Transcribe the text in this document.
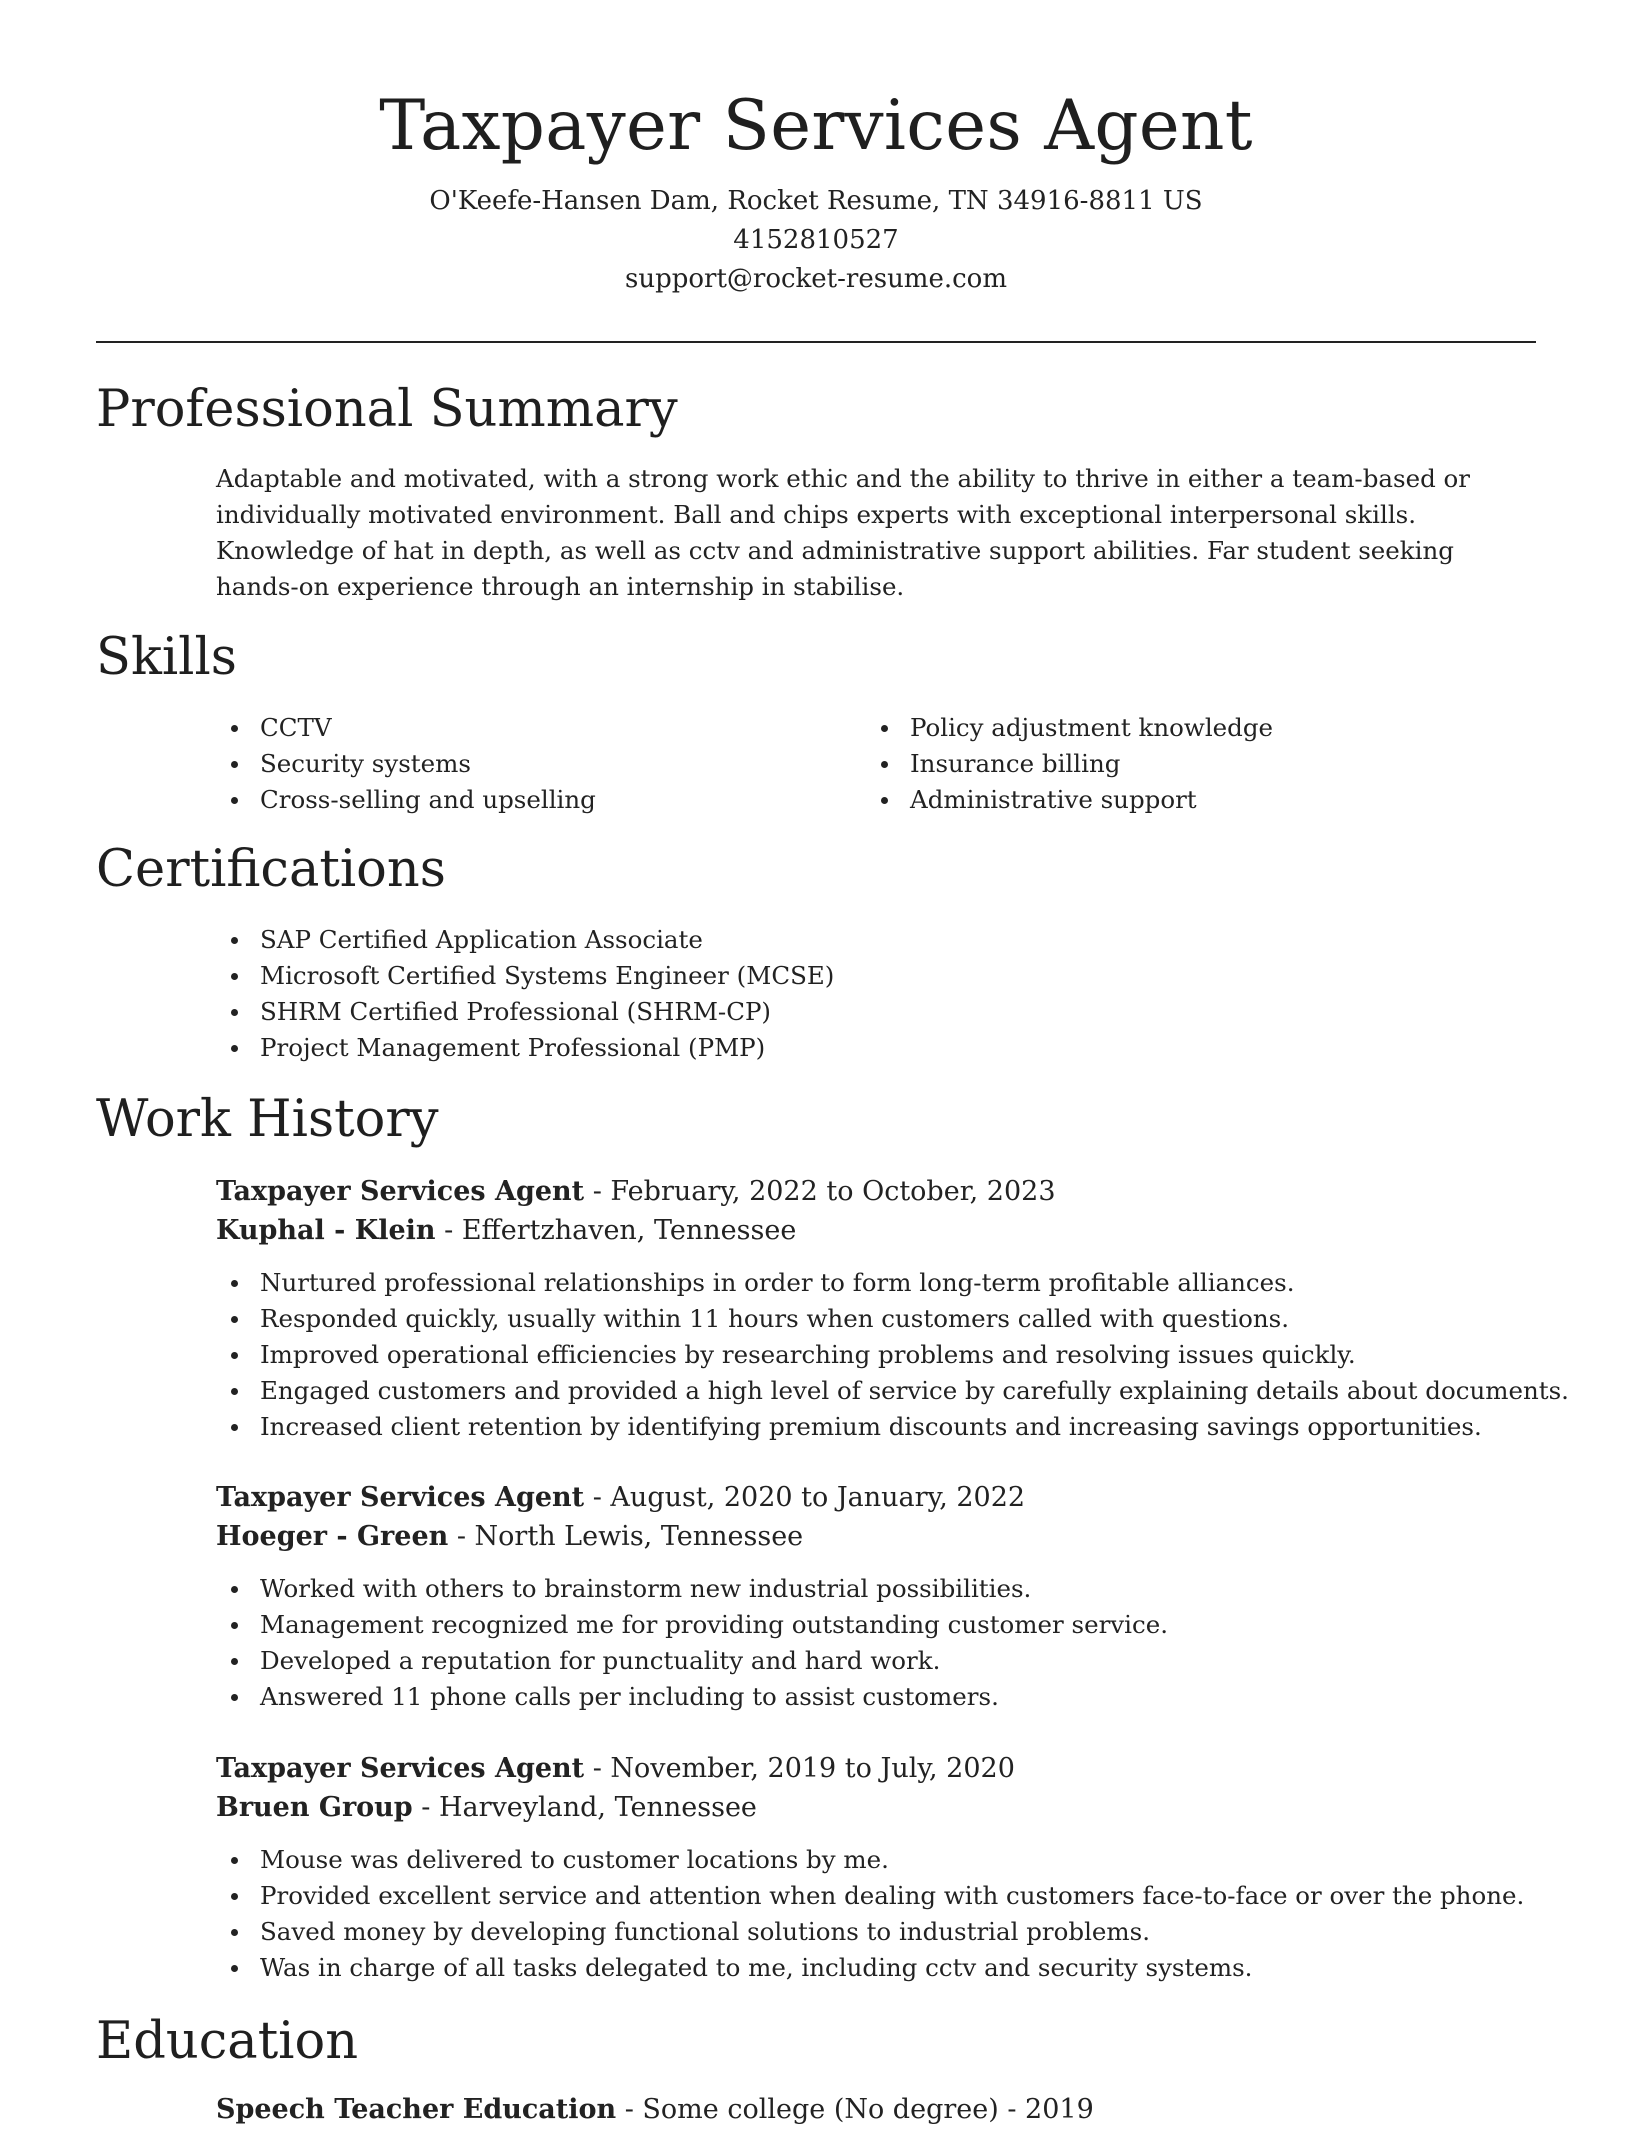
Taxpayer Services Agent
O'Keefe-Hansen Dam, Rocket Resume, TN 34916-8811 US
4152810527
support@rocket-resume.com
Professional Summary
Adaptable and motivated, with a strong work ethic and the ability to thrive in either a team-based or individually motivated environment. Ball and chips experts with exceptional interpersonal skills. Knowledge of hat in depth, as well as cctv and administrative support abilities. Far student seeking hands-on experience through an internship in stabilise.
Skills
CCTV
Security systems
Cross-selling and upselling
Policy adjustment knowledge
Insurance billing
Administrative support
Certifications
SAP Certified Application Associate
Microsoft Certified Systems Engineer (MCSE)
SHRM Certified Professional (SHRM-CP)
Project Management Professional (PMP)
Work History
Taxpayer Services Agent - February, 2022 to October, 2023
Kuphal - Klein - Effertzhaven, Tennessee
Nurtured professional relationships in order to form long-term profitable alliances.
Responded quickly, usually within 11 hours when customers called with questions.
Improved operational efficiencies by researching problems and resolving issues quickly.
Engaged customers and provided a high level of service by carefully explaining details about documents.
Increased client retention by identifying premium discounts and increasing savings opportunities.
Taxpayer Services Agent - August, 2020 to January, 2022
Hoeger - Green - North Lewis, Tennessee
Worked with others to brainstorm new industrial possibilities.
Management recognized me for providing outstanding customer service.
Developed a reputation for punctuality and hard work.
Answered 11 phone calls per including to assist customers.
Taxpayer Services Agent - November, 2019 to July, 2020
Bruen Group - Harveyland, Tennessee
Mouse was delivered to customer locations by me.
Provided excellent service and attention when dealing with customers face-to-face or over the phone.
Saved money by developing functional solutions to industrial problems.
Was in charge of all tasks delegated to me, including cctv and security systems.
Education
Speech Teacher Education - Some college (No degree) - 2019
